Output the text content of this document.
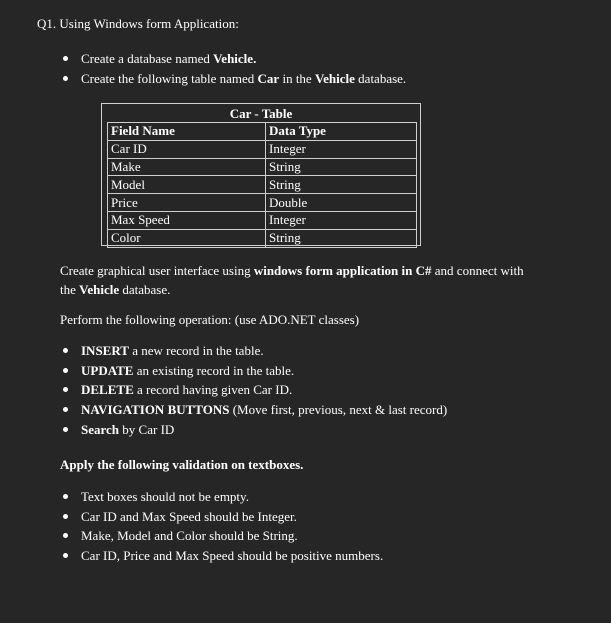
Q1. Using Windows form Application:
Create a database named Vehicle.
Create the following table named Car in the Vehicle database.
Car - Table
Field Name	Data Type
Car ID	Integer
Make	String
Model	String
Price	Double
Max Speed	Integer
Color	String
Create graphical user interface using windows form application in C# and connect with
the Vehicle database.
Perform the following operation: (use ADO.NET classes)
INSERT a new record in the table.
UPDATE an existing record in the table.
DELETE a record having given Car ID.
NAVIGATION BUTTONS (Move first, previous, next & last record)
Search by Car ID
Apply the following validation on textboxes.
Text boxes should not be empty.
Car ID and Max Speed should be Integer.
Make, Model and Color should be String.
Car ID, Price and Max Speed should be positive numbers.
